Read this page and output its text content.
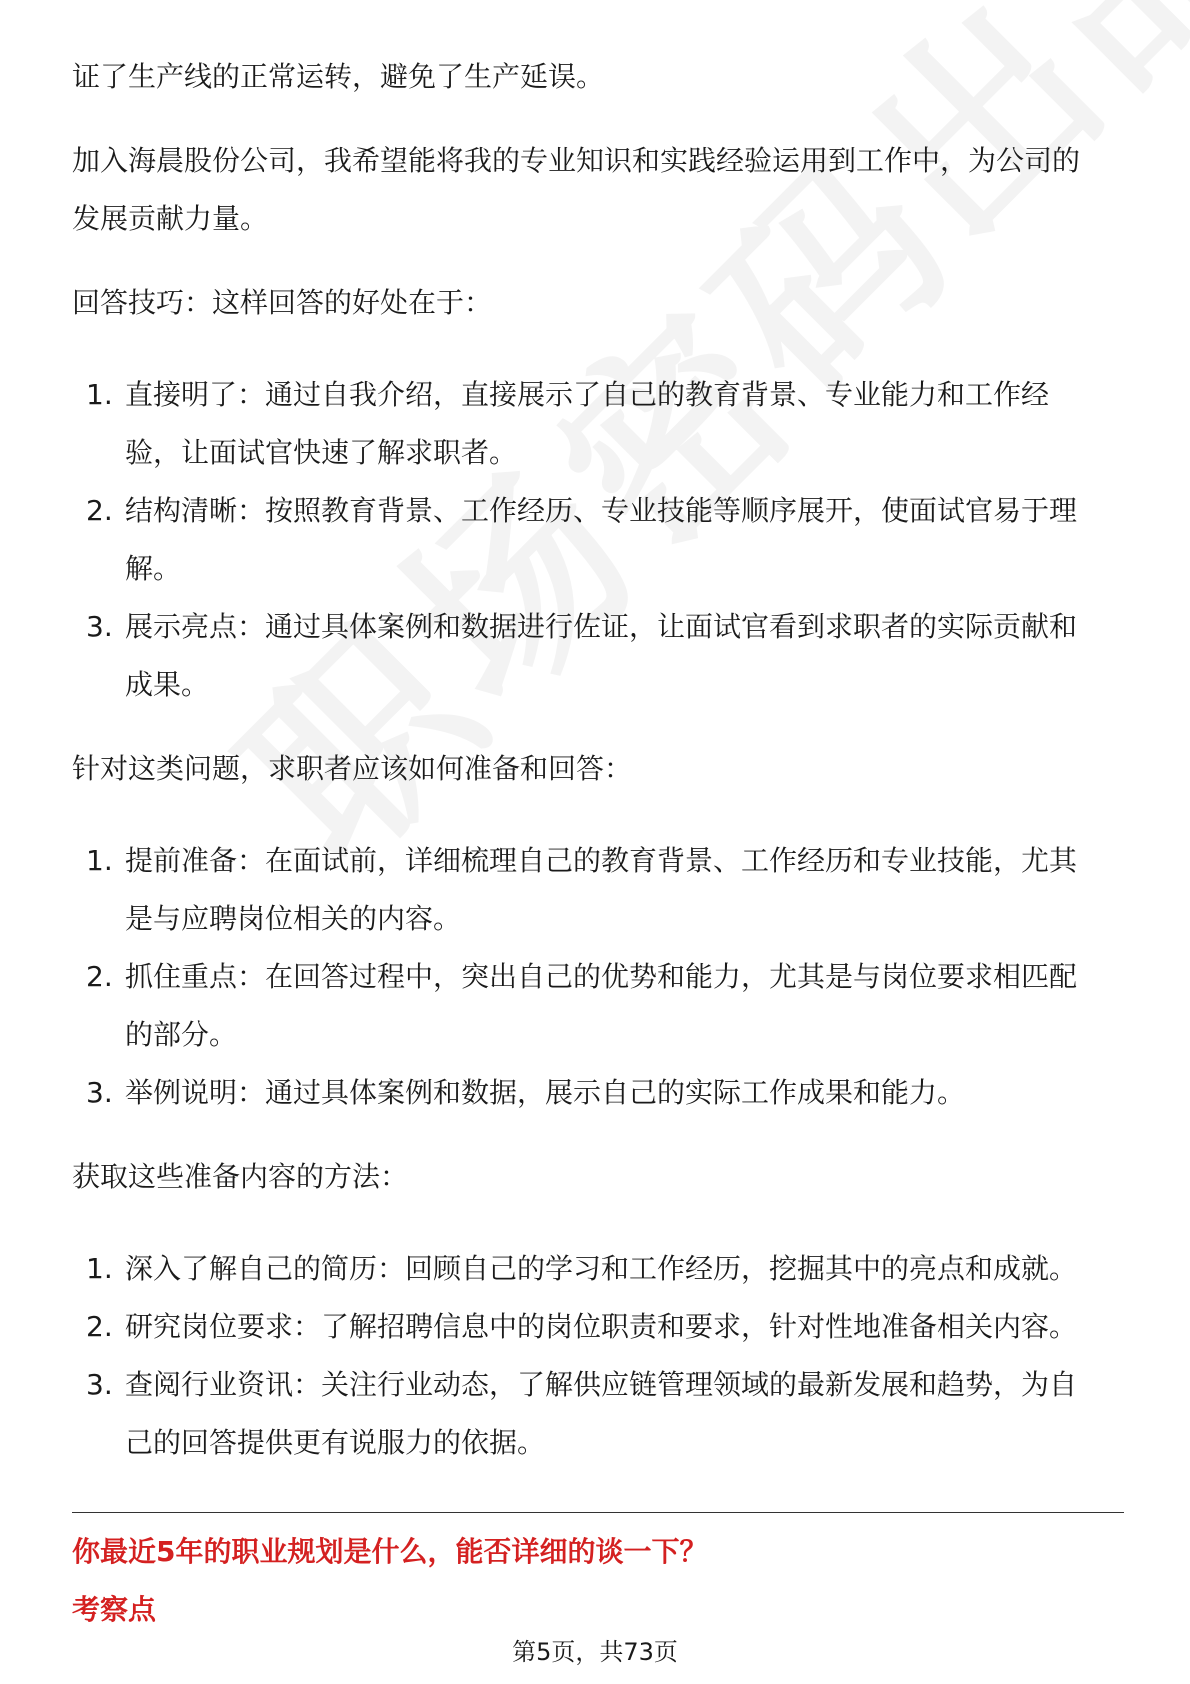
证了生产线的正常运转，避免了生产延误。

加入海晨股份公司，我希望能将我的专业知识和实践经验运用到工作中，为公司的
发展贡献力量。

回答技巧：这样回答的好处在于：

1. 直接明了：通过自我介绍，直接展示了自己的教育背景、专业能力和工作经
验，让面试官快速了解求职者。
2. 结构清晰：按照教育背景、工作经历、专业技能等顺序展开，使面试官易于理
解。
3. 展示亮点：通过具体案例和数据进行佐证，让面试官看到求职者的实际贡献和
成果。

针对这类问题，求职者应该如何准备和回答：

1. 提前准备：在面试前，详细梳理自己的教育背景、工作经历和专业技能，尤其
是与应聘岗位相关的内容。
2. 抓住重点：在回答过程中，突出自己的优势和能力，尤其是与岗位要求相匹配
的部分。
3. 举例说明：通过具体案例和数据，展示自己的实际工作成果和能力。

获取这些准备内容的方法：

1. 深入了解自己的简历：回顾自己的学习和工作经历，挖掘其中的亮点和成就。
2. 研究岗位要求：了解招聘信息中的岗位职责和要求，针对性地准备相关内容。
3. 查阅行业资讯：关注行业动态，了解供应链管理领域的最新发展和趋势，为自
己的回答提供更有说服力的依据。
你最近5年的职业规划是什么，能否详细的谈一下？
考察点
第5页，共73页
